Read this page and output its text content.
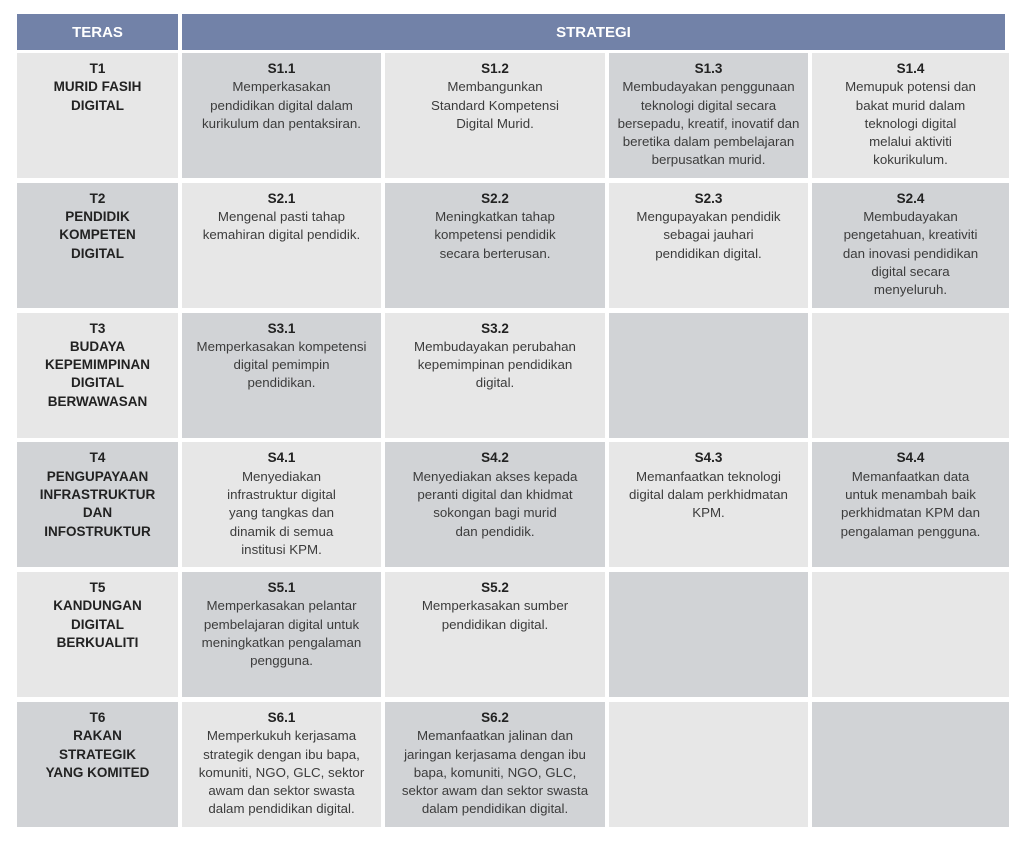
TERAS	STRATEGI
T1
MURID FASIH
DIGITAL
S1.1
Memperkasakan
pendidikan digital dalam
kurikulum dan pentaksiran.
S1.2
Membangunkan
Standard Kompetensi
Digital Murid.
S1.3
Membudayakan penggunaan
teknologi digital secara
bersepadu, kreatif, inovatif dan
beretika dalam pembelajaran
berpusatkan murid.
S1.4
Memupuk potensi dan
bakat murid dalam
teknologi digital
melalui aktiviti
kokurikulum.
T2
PENDIDIK
KOMPETEN
DIGITAL
S2.1
Mengenal pasti tahap
kemahiran digital pendidik.
S2.2
Meningkatkan tahap
kompetensi pendidik
secara berterusan.
S2.3
Mengupayakan pendidik
sebagai jauhari
pendidikan digital.
S2.4
Membudayakan
pengetahuan, kreativiti
dan inovasi pendidikan
digital secara
menyeluruh.
T3
BUDAYA
KEPEMIMPINAN
DIGITAL
BERWAWASAN
S3.1
Memperkasakan kompetensi
digital pemimpin
pendidikan.
S3.2
Membudayakan perubahan
kepemimpinan pendidikan
digital.
T4
PENGUPAYAAN
INFRASTRUKTUR
DAN
INFOSTRUKTUR
S4.1
Menyediakan
infrastruktur digital
yang tangkas dan
dinamik di semua
institusi KPM.
S4.2
Menyediakan akses kepada
peranti digital dan khidmat
sokongan bagi murid
dan pendidik.
S4.3
Memanfaatkan teknologi
digital dalam perkhidmatan
KPM.
S4.4
Memanfaatkan data
untuk menambah baik
perkhidmatan KPM dan
pengalaman pengguna.
T5
KANDUNGAN
DIGITAL
BERKUALITI
S5.1
Memperkasakan pelantar
pembelajaran digital untuk
meningkatkan pengalaman
pengguna.
S5.2
Memperkasakan sumber
pendidikan digital.
T6
RAKAN
STRATEGIK
YANG KOMITED
S6.1
Memperkukuh kerjasama
strategik dengan ibu bapa,
komuniti, NGO, GLC, sektor
awam dan sektor swasta
dalam pendidikan digital.
S6.2
Memanfaatkan jalinan dan
jaringan kerjasama dengan ibu
bapa, komuniti, NGO, GLC,
sektor awam dan sektor swasta
dalam pendidikan digital.
